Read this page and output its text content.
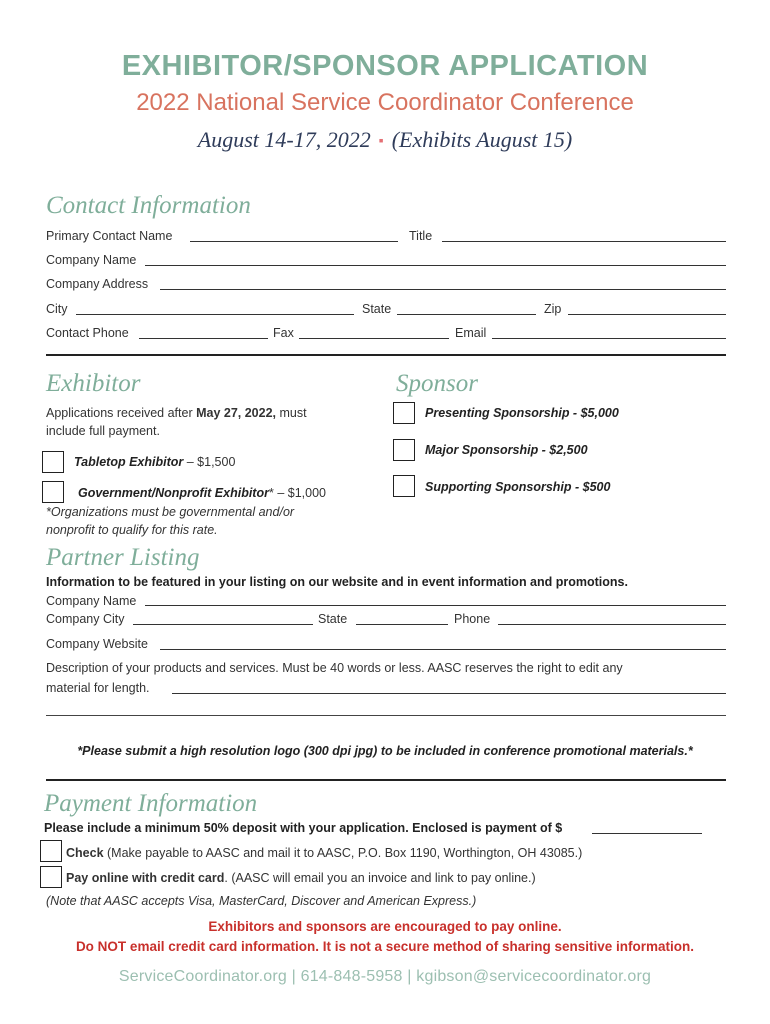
EXHIBITOR/SPONSOR APPLICATION
2022 National Service Coordinator Conference
August 14-17, 2022 ▪ (Exhibits August 15)
Contact Information
Primary Contact Name	Title
Company Name
Company Address
City	State	Zip
Contact Phone	Fax	Email
Exhibitor
Applications received after May 27, 2022, must
include full payment.
Tabletop Exhibitor – $1,500
Government/Nonprofit Exhibitor* – $1,000
*Organizations must be governmental and/or
nonprofit to qualify for this rate.
Sponsor
Presenting Sponsorship - $5,000
Major Sponsorship - $2,500
Supporting Sponsorship - $500
Partner Listing
Information to be featured in your listing on our website and in event information and promotions.
Company Name
Company City	State	Phone
Company Website
Description of your products and services. Must be 40 words or less. AASC reserves the right to edit any
material for length.
*Please submit a high resolution logo (300 dpi jpg) to be included in conference promotional materials.*
Payment Information
Please include a minimum 50% deposit with your application. Enclosed is payment of $
Check (Make payable to AASC and mail it to AASC, P.O. Box 1190, Worthington, OH 43085.)
Pay online with credit card. (AASC will email you an invoice and link to pay online.)
(Note that AASC accepts Visa, MasterCard, Discover and American Express.)
Exhibitors and sponsors are encouraged to pay online.
Do NOT email credit card information. It is not a secure method of sharing sensitive information.
ServiceCoordinator.org | 614-848-5958 | kgibson@servicecoordinator.org
